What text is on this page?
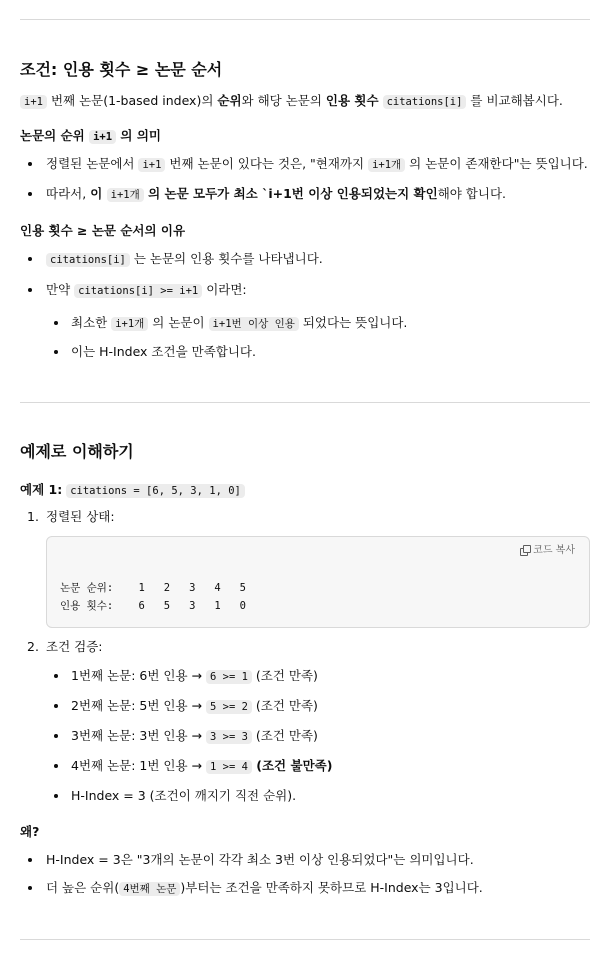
조건: 인용 횟수 ≥ 논문 순서

i+1 번째 논문(1-based index)의 순위와 해당 논문의 인용 횟수 citations[i] 를 비교해봅시다.

논문의 순위 i+1 의 의미
정렬된 논문에서 i+1 번째 논문이 있다는 것은, "현재까지 i+1개 의 논문이 존재한다"는 뜻입니다.
따라서, 이 i+1개 의 논문 모두가 최소 `i+1번 이상 인용되었는지 확인해야 합니다.
인용 횟수 ≥ 논문 순서의 이유
citations[i] 는 논문의 인용 횟수를 나타냅니다.
만약 citations[i] >= i+1 이라면:
최소한 i+1개 의 논문이 i+1번 이상 인용 되었다는 뜻입니다.
이는 H-Index 조건을 만족합니다.
예제로 이해하기

예제 1: citations = [6, 5, 3, 1, 0]

1. 정렬된 상태:
코드 복사
논문 순위:    1   2   3   4   5
인용 횟수:    6   5   3   1   0
2. 조건 검증:
1번째 논문: 6번 인용 → 6 >= 1 (조건 만족)
2번째 논문: 5번 인용 → 5 >= 2 (조건 만족)
3번째 논문: 3번 인용 → 3 >= 3 (조건 만족)
4번째 논문: 1번 인용 → 1 >= 4 (조건 불만족)
H-Index = 3 (조건이 깨지기 직전 순위).
왜?
H-Index = 3은 "3개의 논문이 각각 최소 3번 이상 인용되었다"는 의미입니다.
더 높은 순위( 4번째 논문 )부터는 조건을 만족하지 못하므로 H-Index는 3입니다.
